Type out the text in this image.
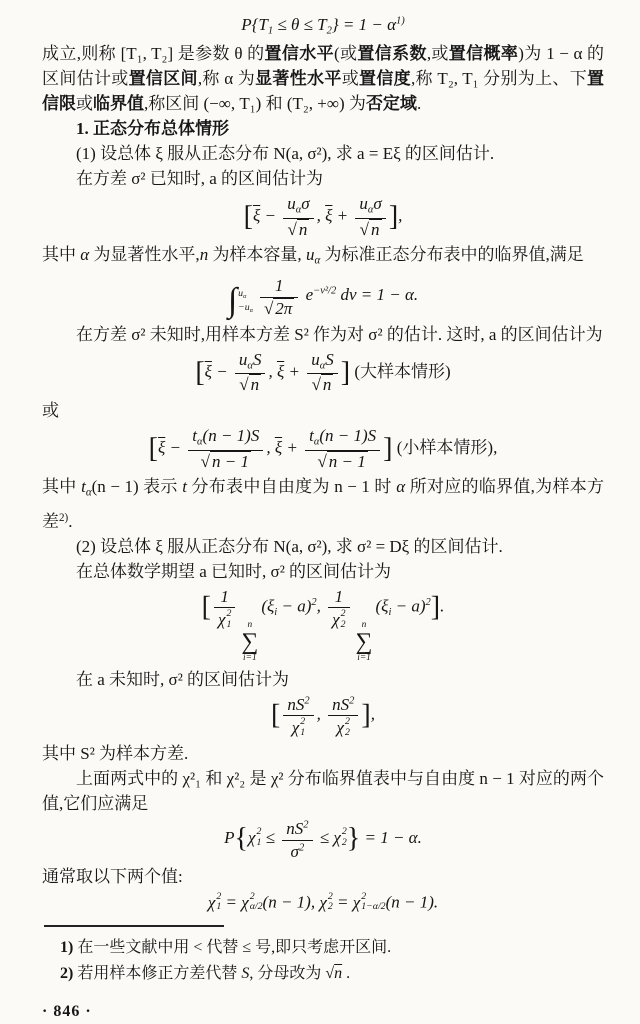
$P\{T_1 \le \theta \le T_2\} = 1 - \alpha^{1)}$

成立,则称 [T₁, T₂] 是参数 θ 的置信水平(或置信系数,或置信概率)为 1 − α 的区间估计或置信区间,称 α 为显著性水平或置信度,称 T₂, T₁ 分别为上、下置信限或临界值,称区间 (−∞, T₁) 和 (T₂, +∞) 为否定域.

1. 正态分布总体情形

(1) 设总体 ξ 服从正态分布 N(a, σ²), 求 a = Eξ 的区间估计.

在方差 σ² 已知时, a 的区间估计为

[$\overline{\xi}$ −
$u_\alpha\sigma$
√ n
, $\overline{\xi}$ +
$u_\alpha\sigma$
√ n ],

其中 α 为显著性水平,n 为样本容量, uα 为标准正态分布表中的临界值,满足

∫ $u_\alpha$
$-u_\alpha \frac{1}{√ 2\pi} e^{-v^2/2}$ dv = 1 − α.

在方差 σ² 未知时,用样本方差 S² 作为对 σ² 的估计. 这时, a 的区间估计为

[$\overline{\xi}$ −
$u_\alpha S$
√ n
, $\overline{\xi}$ +
$u_\alpha S$
√ n ] (大样本情形)

或

[$\overline{\xi} - \frac{t_\alpha(n - 1)S}{√ n - 1}$ , $\overline{\xi} + \frac{t_\alpha(n - 1)S}{√ n - 1}$ ] (小样本情形),

其中 tα(n − 1) 表示 t 分布表中自由度为 n − 1 时 α 所对应的临界值,为样本方差$^{2)}$.

(2) 设总体 ξ 服从正态分布 N(a, σ²), 求 σ² = Dξ 的区间估计.

在总体数学期望 a 已知时, σ² 的区间估计为

[ 1
χ 2
1 n
∑
i=1
$(\xi_i - a)^2$, 1
χ 2
2 n
∑
i=1
$(\xi_i - a)^2$].

在 a 未知时, σ² 的区间估计为

[ $nS^2$
χ 2
1 , $nS^2$
χ 2
2 ],

其中 S² 为样本方差.

上面两式中的 χ²₁ 和 χ²₂ 是 χ² 分布临界值表中与自由度 n − 1 对应的两个值,它们应满足

P{ χ 2
$1 \le \frac{nS^2}{\sigma^2} \le \chi$ 2
2 } = 1 − α.

通常取以下两个值:

χ 2
1 = χ 2
α/2 (n − 1), χ 2
2 = χ 2
1−α/2 (n − 1).

1) 在一些文献中用 < 代替 ≤ 号,即只考虑开区间.

2) 若用样本修正方差代替 S, 分母改为 √n .

· 846 ·
